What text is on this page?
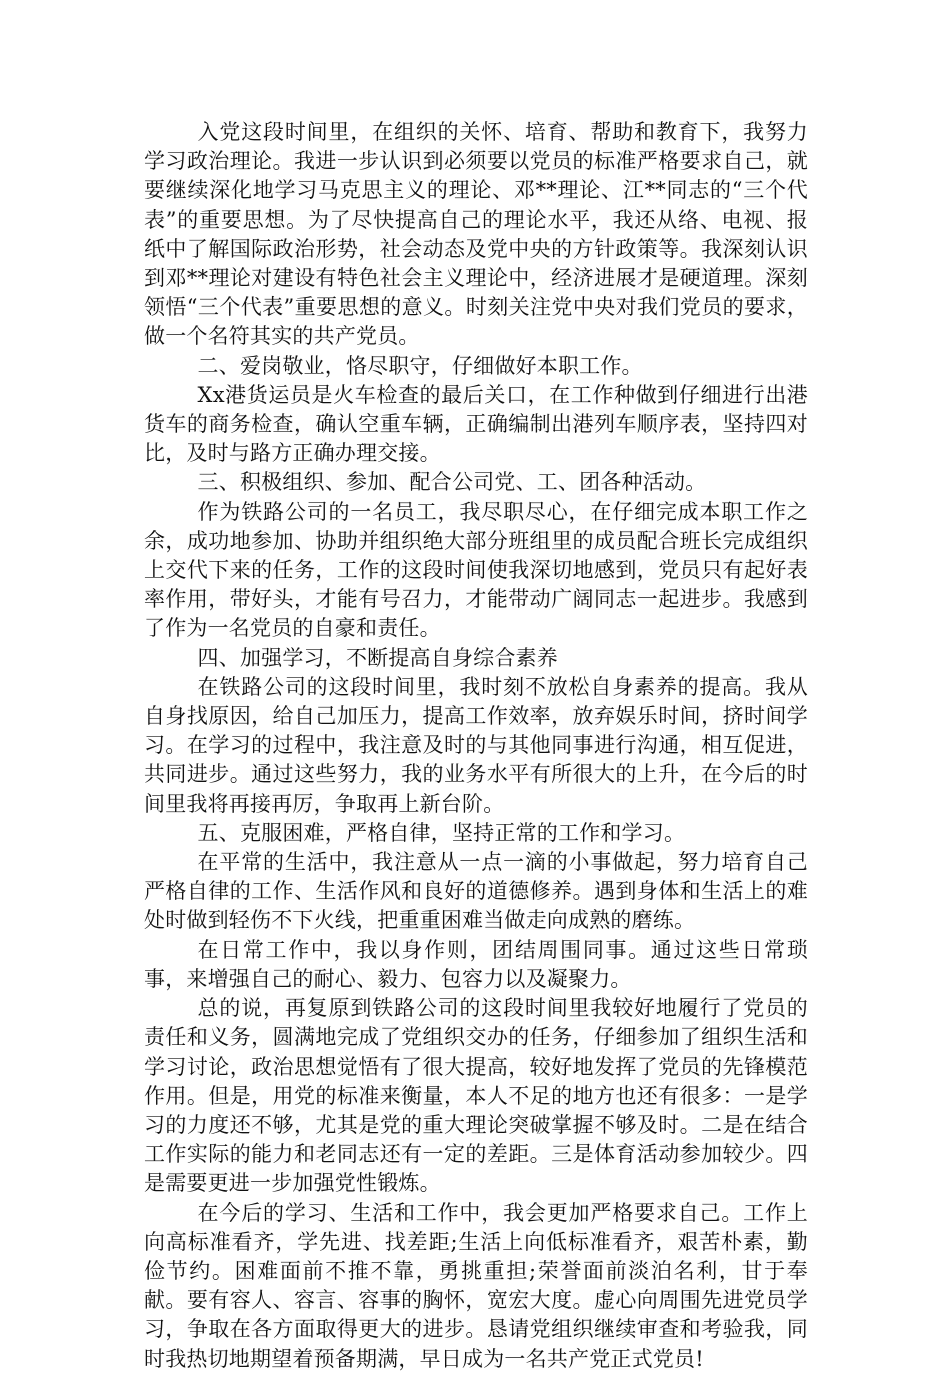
入党这段时间里，在组织的关怀、培育、帮助和教育下，我努力学习政治理论。我进一步认识到必须要以党员的标准严格要求自己，就要继续深化地学习马克思主义的理论、邓**理论、江**同志的“三个代表”的重要思想。为了尽快提高自己的理论水平，我还从络、电视、报纸中了解国际政治形势，社会动态及党中央的方针政策等。我深刻认识到邓**理论对建设有特色社会主义理论中，经济进展才是硬道理。深刻领悟“三个代表”重要思想的意义。时刻关注党中央对我们党员的要求，做一个名符其实的共产党员。

二、爱岗敬业，恪尽职守，仔细做好本职工作。

Xx港货运员是火车检查的最后关口，在工作种做到仔细进行出港货车的商务检查，确认空重车辆，正确编制出港列车顺序表，坚持四对比，及时与路方正确办理交接。

三、积极组织、参加、配合公司党、工、团各种活动。

作为铁路公司的一名员工，我尽职尽心，在仔细完成本职工作之余，成功地参加、协助并组织绝大部分班组里的成员配合班长完成组织上交代下来的任务，工作的这段时间使我深切地感到，党员只有起好表率作用，带好头，才能有号召力，才能带动广阔同志一起进步。我感到了作为一名党员的自豪和责任。

四、加强学习，不断提高自身综合素养

在铁路公司的这段时间里，我时刻不放松自身素养的提高。我从自身找原因，给自己加压力，提高工作效率，放弃娱乐时间，挤时间学习。在学习的过程中，我注意及时的与其他同事进行沟通，相互促进，共同进步。通过这些努力，我的业务水平有所很大的上升，在今后的时间里我将再接再厉，争取再上新台阶。

五、克服困难，严格自律，坚持正常的工作和学习。

在平常的生活中，我注意从一点一滴的小事做起，努力培育自己严格自律的工作、生活作风和良好的道德修养。遇到身体和生活上的难处时做到轻伤不下火线，把重重困难当做走向成熟的磨练。

在日常工作中，我以身作则，团结周围同事。通过这些日常琐事，来增强自己的耐心、毅力、包容力以及凝聚力。

总的说，再复原到铁路公司的这段时间里我较好地履行了党员的责任和义务，圆满地完成了党组织交办的任务，仔细参加了组织生活和学习讨论，政治思想觉悟有了很大提高，较好地发挥了党员的先锋模范作用。但是，用党的标准来衡量，本人不足的地方也还有很多：一是学习的力度还不够，尤其是党的重大理论突破掌握不够及时。二是在结合工作实际的能力和老同志还有一定的差距。三是体育活动参加较少。四是需要更进一步加强党性锻炼。

在今后的学习、生活和工作中，我会更加严格要求自己。工作上向高标准看齐，学先进、找差距;生活上向低标准看齐，艰苦朴素，勤俭节约。困难面前不推不靠，勇挑重担;荣誉面前淡泊名利，甘于奉献。要有容人、容言、容事的胸怀，宽宏大度。虚心向周围先进党员学习，争取在各方面取得更大的进步。恳请党组织继续审查和考验我，同时我热切地期望着预备期满，早日成为一名共产党正式党员!
